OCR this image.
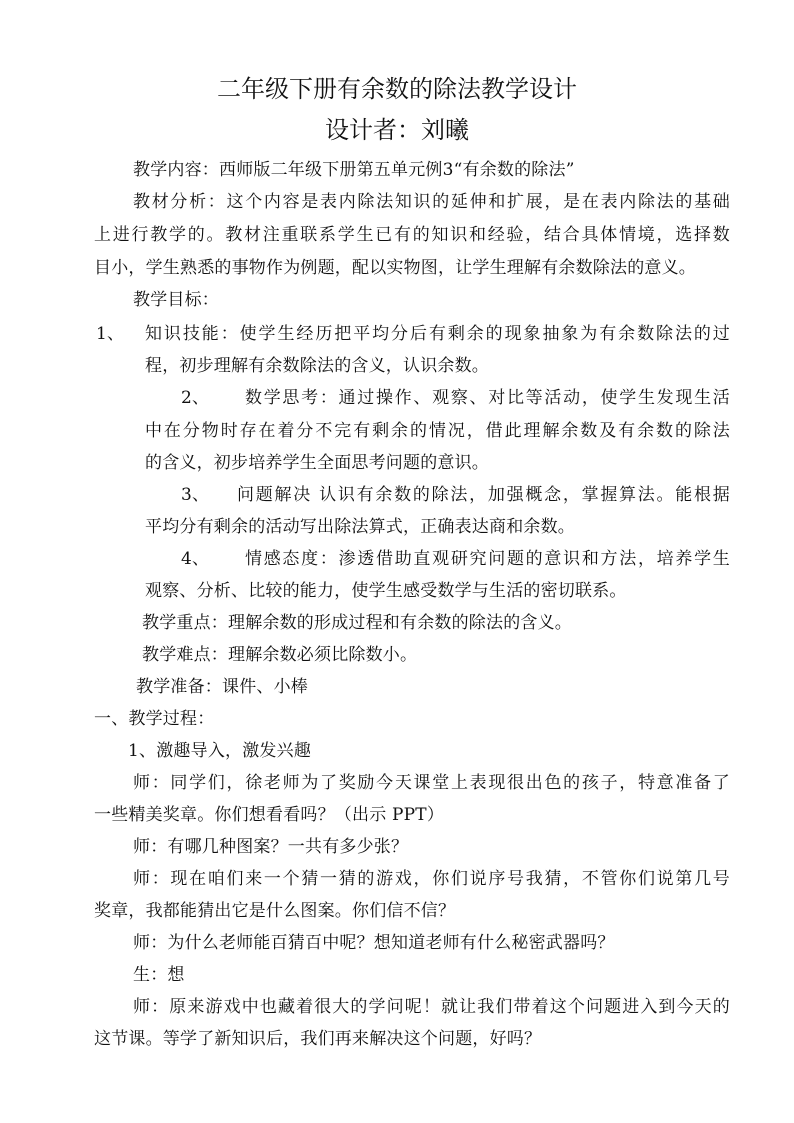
二年级下册有余数的除法教学设计
设计者：刘曦
教学内容：西师版二年级下册第五单元例3“有余数的除法”
教材分析：这个内容是表内除法知识的延伸和扩展，是在表内除法的基础
上进行教学的。教材注重联系学生已有的知识和经验，结合具体情境，选择数
目小，学生熟悉的事物作为例题，配以实物图，让学生理解有余数除法的意义。
教学目标：
1、 知识技能：使学生经历把平均分后有剩余的现象抽象为有余数除法的过
程，初步理解有余数除法的含义，认识余数。
2、 数学思考：通过操作、观察、对比等活动，使学生发现生活
中在分物时存在着分不完有剩余的情况，借此理解余数及有余数的除法
的含义，初步培养学生全面思考问题的意识。
3、 问题解决 认识有余数的除法，加强概念，掌握算法。能根据
平均分有剩余的活动写出除法算式，正确表达商和余数。
4、 情感态度：渗透借助直观研究问题的意识和方法，培养学生
观察、分析、比较的能力，使学生感受数学与生活的密切联系。
教学重点：理解余数的形成过程和有余数的除法的含义。
教学难点：理解余数必须比除数小。
教学准备：课件、小棒
一、教学过程：
1、激趣导入，激发兴趣
师：同学们，徐老师为了奖励今天课堂上表现很出色的孩子，特意准备了
一些精美奖章。你们想看看吗？（出示 PPT）
师：有哪几种图案？一共有多少张？
师：现在咱们来一个猜一猜的游戏，你们说序号我猜，不管你们说第几号
奖章，我都能猜出它是什么图案。你们信不信？
师：为什么老师能百猜百中呢？想知道老师有什么秘密武器吗？
生：想
师：原来游戏中也藏着很大的学问呢！就让我们带着这个问题进入到今天的
这节课。等学了新知识后，我们再来解决这个问题，好吗？
